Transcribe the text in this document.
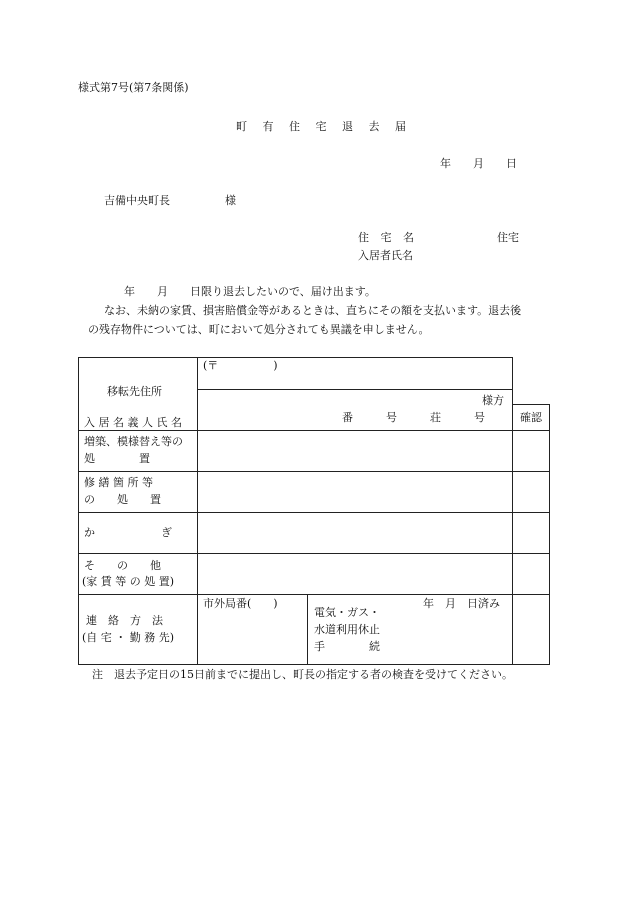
様式第7号(第7条関係)
町 有 住 宅 退 去 届
年　　月　　日
吉備中央町長　　　　　様
住 宅 名	住宅
入居者氏名
年　　月　　日限り退去したいので、届け出ます。
なお、未納の家賃、損害賠償金等があるときは、直ちにその額を支払います。退去後
の残存物件については、町において処分されても異議を申しません。
移転先住所
(〒　　　　　)
入 居 名 義 人 氏 名
様方
番　　　号　　　荘　　　号	確認
増築、模様替え等の
処　　　　置
修 繕 箇 所 等
の　　処　　置
か　　　　　　ぎ
そ　　の　　他
(家 賃 等 の 処 置)
連　絡　方　法
(自 宅 ・ 勤 務 先)
市外局番(　　)
電気・ガス・
水道利用休止
手　　　　続
年　月　日済み
注　退去予定日の15日前までに提出し、町長の指定する者の検査を受けてください。
